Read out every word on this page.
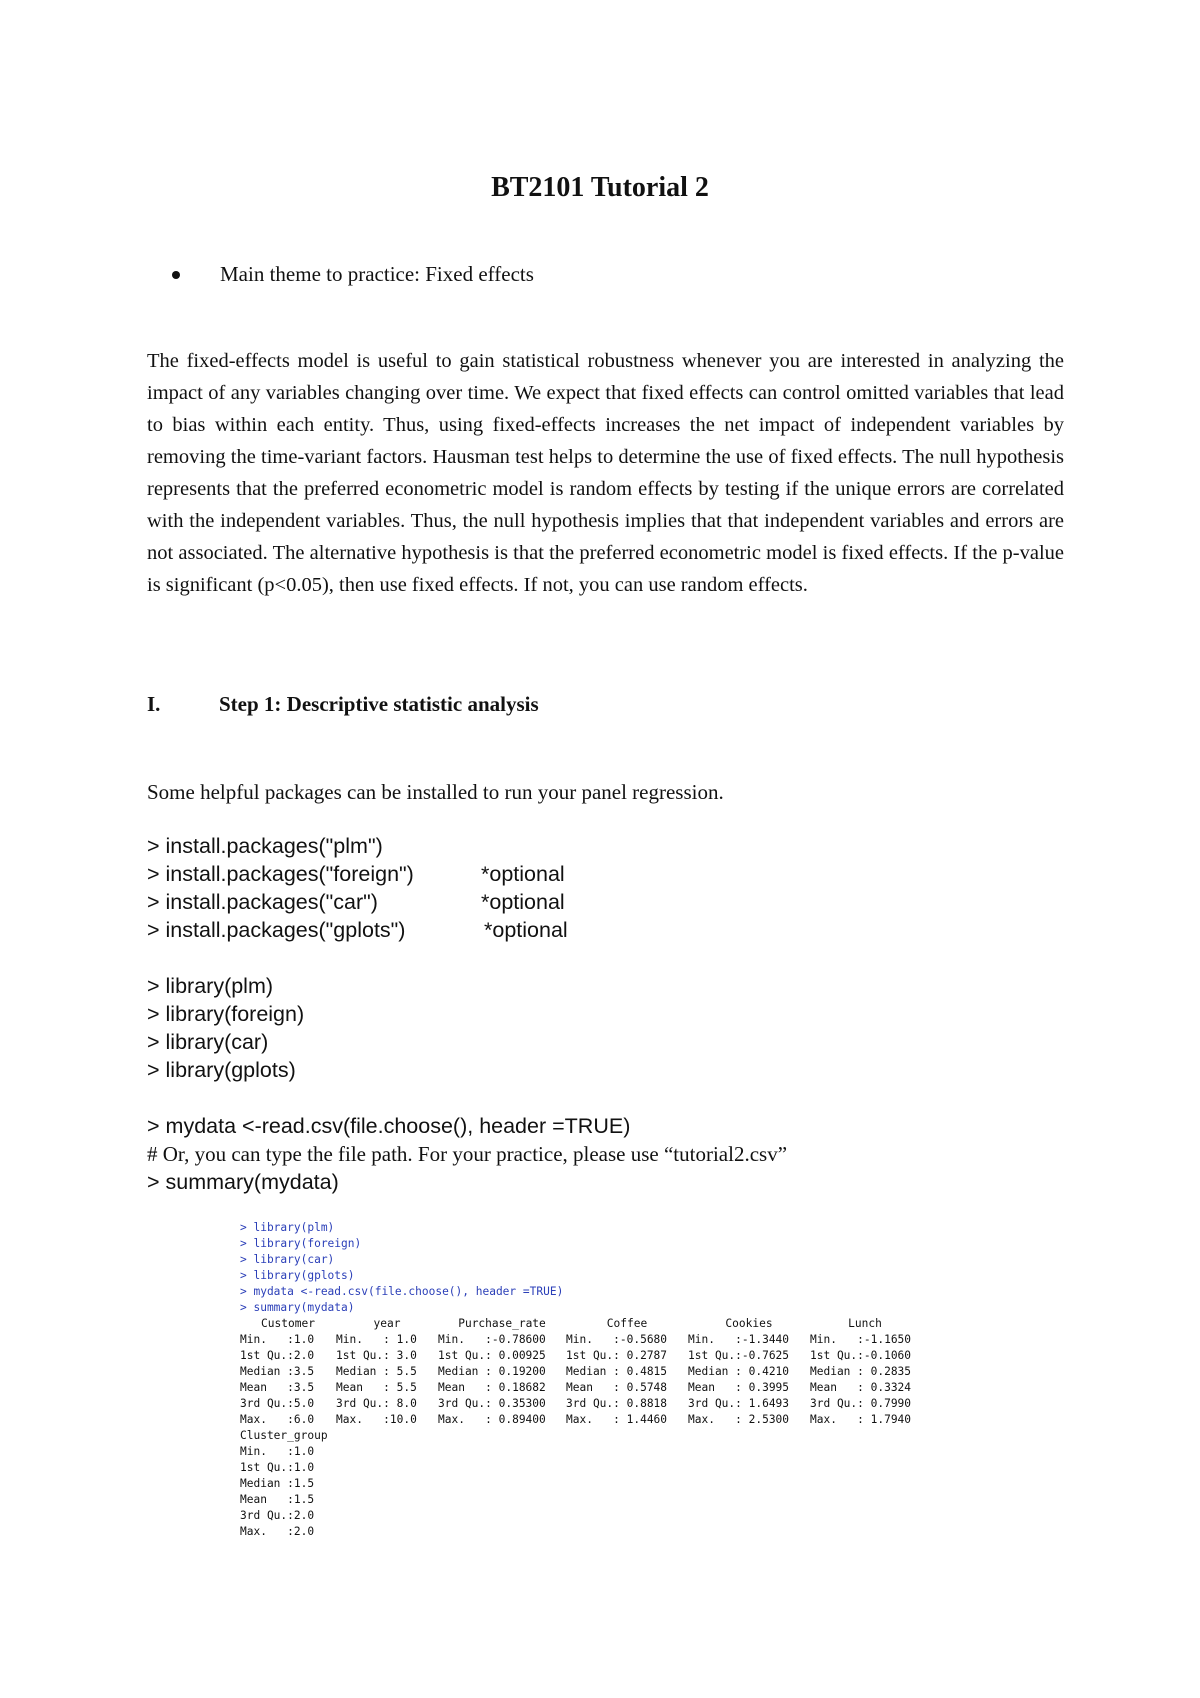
BT2101 Tutorial 2
Main theme to practice: Fixed effects

The fixed-effects model is useful to gain statistical robustness whenever you are interested in analyzing the impact of any variables changing over time. We expect that fixed effects can control omitted variables that lead to bias within each entity. Thus, using fixed-effects increases the net impact of independent variables by removing the time-variant factors. Hausman test helps to determine the use of fixed effects. The null hypothesis represents that the preferred econometric model is random effects by testing if the unique errors are correlated with the independent variables. Thus, the null hypothesis implies that that independent variables and errors are not associated. The alternative hypothesis is that the preferred econometric model is fixed effects. If the p-value is significant (p<0.05), then use fixed effects. If not, you can use random effects.

I.	Step 1: Descriptive statistic analysis
Some helpful packages can be installed to run your panel regression.
> install.packages("plm")
> install.packages("foreign")	*optional
> install.packages("car")	*optional
> install.packages("gplots")	*optional
> library(plm)
> library(foreign)
> library(car)
> library(gplots)
> mydata <-read.csv(file.choose(), header =TRUE)
# Or, you can type the file path. For your practice, please use “tutorial2.csv”
> summary(mydata)
> library(plm)
> library(foreign)
> library(car)
> library(gplots)
> mydata <-read.csv(file.choose(), header =TRUE)
> summary(mydata)
Customer	year	Purchase_rate	Coffee	Cookies	Lunch
Min.   :1.0	Min.   : 1.0	Min.   :-0.78600	Min.   :-0.5680	Min.   :-1.3440	Min.   :-1.1650
1st Qu.:2.0	1st Qu.: 3.0	1st Qu.: 0.00925	1st Qu.: 0.2787	1st Qu.:-0.7625	1st Qu.:-0.1060
Median :3.5	Median : 5.5	Median : 0.19200	Median : 0.4815	Median : 0.4210	Median : 0.2835
Mean   :3.5	Mean   : 5.5	Mean   : 0.18682	Mean   : 0.5748	Mean   : 0.3995	Mean   : 0.3324
3rd Qu.:5.0	3rd Qu.: 8.0	3rd Qu.: 0.35300	3rd Qu.: 0.8818	3rd Qu.: 1.6493	3rd Qu.: 0.7990
Max.   :6.0	Max.   :10.0	Max.   : 0.89400	Max.   : 1.4460	Max.   : 2.5300	Max.   : 1.7940
Cluster_group
Min.   :1.0
1st Qu.:1.0
Median :1.5
Mean   :1.5
3rd Qu.:2.0
Max.   :2.0
